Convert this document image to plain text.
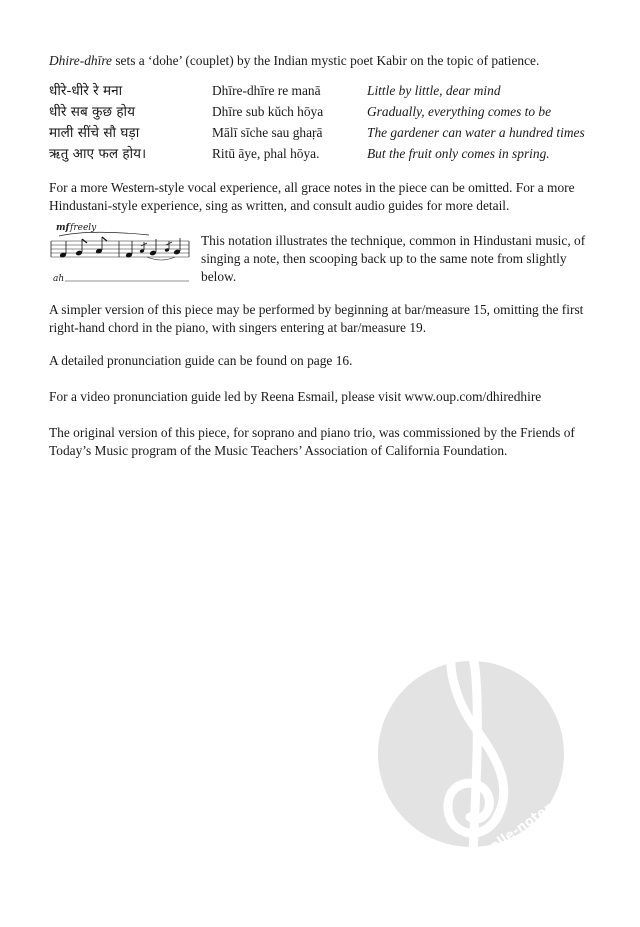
Dhire-dhīre sets a ‘dohe’ (couplet) by the Indian mystic poet Kabir on the topic of patience.

धीरे-धीरे रे मना	Dhīre-dhīre re manā	Little by little, dear mind
धीरे सब कुछ होय	Dhīre sub kŭch hōya	Gradually, everything comes to be
माली सींचे सौ घड़ा	Mālī sīche sau ghaṛā	The gardener can water a hundred times
ऋतु आए फल होय।	Ritū āye, phal hōya.	But the fruit only comes in spring.

For a more Western-style vocal experience, all grace notes in the piece can be omitted. For a more Hindustani-style experience, sing as written, and consult audio guides for more detail.

mf freely
ah

This notation illustrates the technique, common in Hindustani music, of singing a note, then scooping back up to the same note from slightly below.

A simpler version of this piece may be performed by beginning at bar/measure 15, omitting the first right-hand chord in the piano, with singers entering at bar/measure 19.

A detailed pronunciation guide can be found on page 16.

For a video pronunciation guide led by Reena Esmail, please visit www.oup.com/dhiredhire

The original version of this piece, for soprano and piano trio, was commissioned by the Friends of Today’s Music program of the Music Teachers’ Association of California Foundation.

alle-noten.de
